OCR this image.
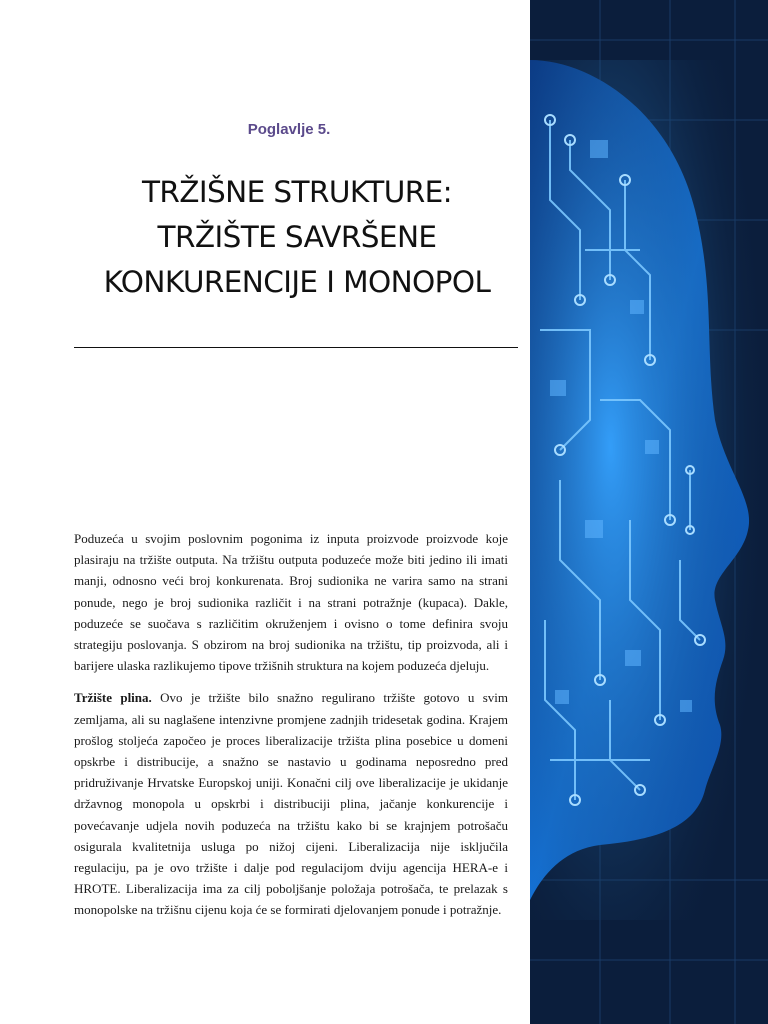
Poglavlje 5.
TRŽIŠNE STRUKTURE:
TRŽIŠTE SAVRŠENE
KONKURENCIJE I MONOPOL

Poduzeća u svojim poslovnim pogonima iz inputa proizvode proizvode koje plasiraju na tržište outputa. Na tržištu outputa poduzeće može biti jedino ili imati manji, odnosno veći broj konkurenata. Broj sudionika ne varira samo na strani ponude, nego je broj sudionika različit i na strani potražnje (kupaca). Dakle, poduzeće se suočava s različitim okruženjem i ovisno o tome definira svoju strategiju poslovanja. S obzirom na broj sudionika na tržištu, tip proizvoda, ali i barijere ulaska razlikujemo tipove tržišnih struktura na kojem poduzeća djeluju.

Tržište plina. Ovo je tržište bilo snažno regulirano tržište gotovo u svim zemljama, ali su naglašene intenzivne promjene zadnjih tridesetak godina. Krajem prošlog stoljeća započeo je proces liberalizacije tržišta plina posebice u domeni opskrbe i distribucije, a snažno se nastavio u godinama neposredno pred pridruživanje Hrvatske Europskoj uniji. Konačni cilj ove liberalizacije je ukidanje državnog monopola u opskrbi i distribuciji plina, jačanje konkurencije i povećavanje udjela novih poduzeća na tržištu kako bi se krajnjem potrošaču osigurala kvalitetnija usluga po nižoj cijeni. Liberalizacija nije isključila regulaciju, pa je ovo tržište i dalje pod regulacijom dviju agencija HERA-e i HROTE. Liberalizacija ima za cilj poboljšanje položaja potrošača, te prelazak s monopolske na tržišnu cijenu koja će se formirati djelovanjem ponude i potražnje.
